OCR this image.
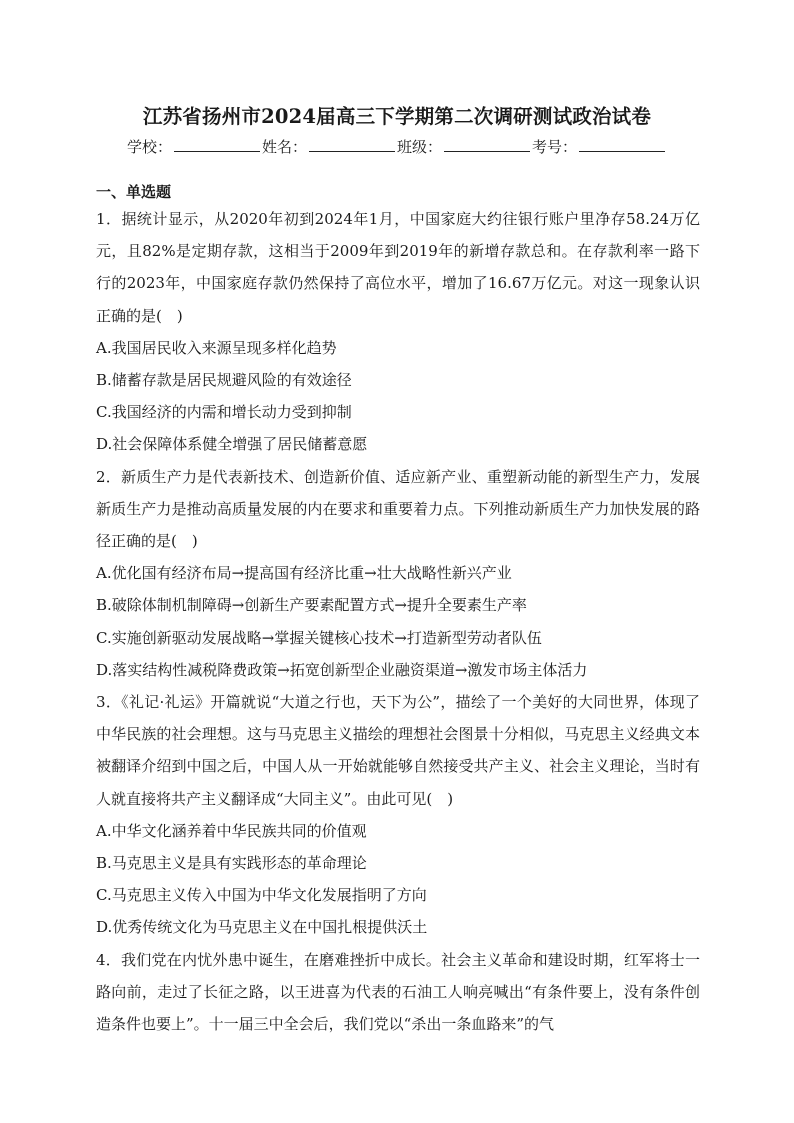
江苏省扬州市2024届高三下学期第二次调研测试政治试卷
学校：	姓名：	班级：	考号：
一、单选题

1．据统计显示，从2020年初到2024年1月，中国家庭大约往银行账户里净存58.24万亿元，且82%是定期存款，这相当于2009年到2019年的新增存款总和。在存款利率一路下行的2023年，中国家庭存款仍然保持了高位水平，增加了16.67万亿元。对这一现象认识正确的是(　)

A.我国居民收入来源呈现多样化趋势

B.储蓄存款是居民规避风险的有效途径

C.我国经济的内需和增长动力受到抑制

D.社会保障体系健全增强了居民储蓄意愿

2．新质生产力是代表新技术、创造新价值、适应新产业、重塑新动能的新型生产力，发展新质生产力是推动高质量发展的内在要求和重要着力点。下列推动新质生产力加快发展的路径正确的是(　)

A.优化国有经济布局→提高国有经济比重→壮大战略性新兴产业

B.破除体制机制障碍→创新生产要素配置方式→提升全要素生产率

C.实施创新驱动发展战略→掌握关键核心技术→打造新型劳动者队伍

D.落实结构性减税降费政策→拓宽创新型企业融资渠道→激发市场主体活力

3．《礼记·礼运》开篇就说“大道之行也，天下为公”，描绘了一个美好的大同世界，体现了中华民族的社会理想。这与马克思主义描绘的理想社会图景十分相似，马克思主义经典文本被翻译介绍到中国之后，中国人从一开始就能够自然接受共产主义、社会主义理论，当时有人就直接将共产主义翻译成“大同主义”。由此可见(　)

A.中华文化涵养着中华民族共同的价值观

B.马克思主义是具有实践形态的革命理论

C.马克思主义传入中国为中华文化发展指明了方向

D.优秀传统文化为马克思主义在中国扎根提供沃土

4．我们党在内忧外患中诞生，在磨难挫折中成长。社会主义革命和建设时期，红军将士一路向前，走过了长征之路，以王进喜为代表的石油工人响亮喊出“有条件要上，没有条件创造条件也要上”。十一届三中全会后，我们党以“杀出一条血路来”的气
